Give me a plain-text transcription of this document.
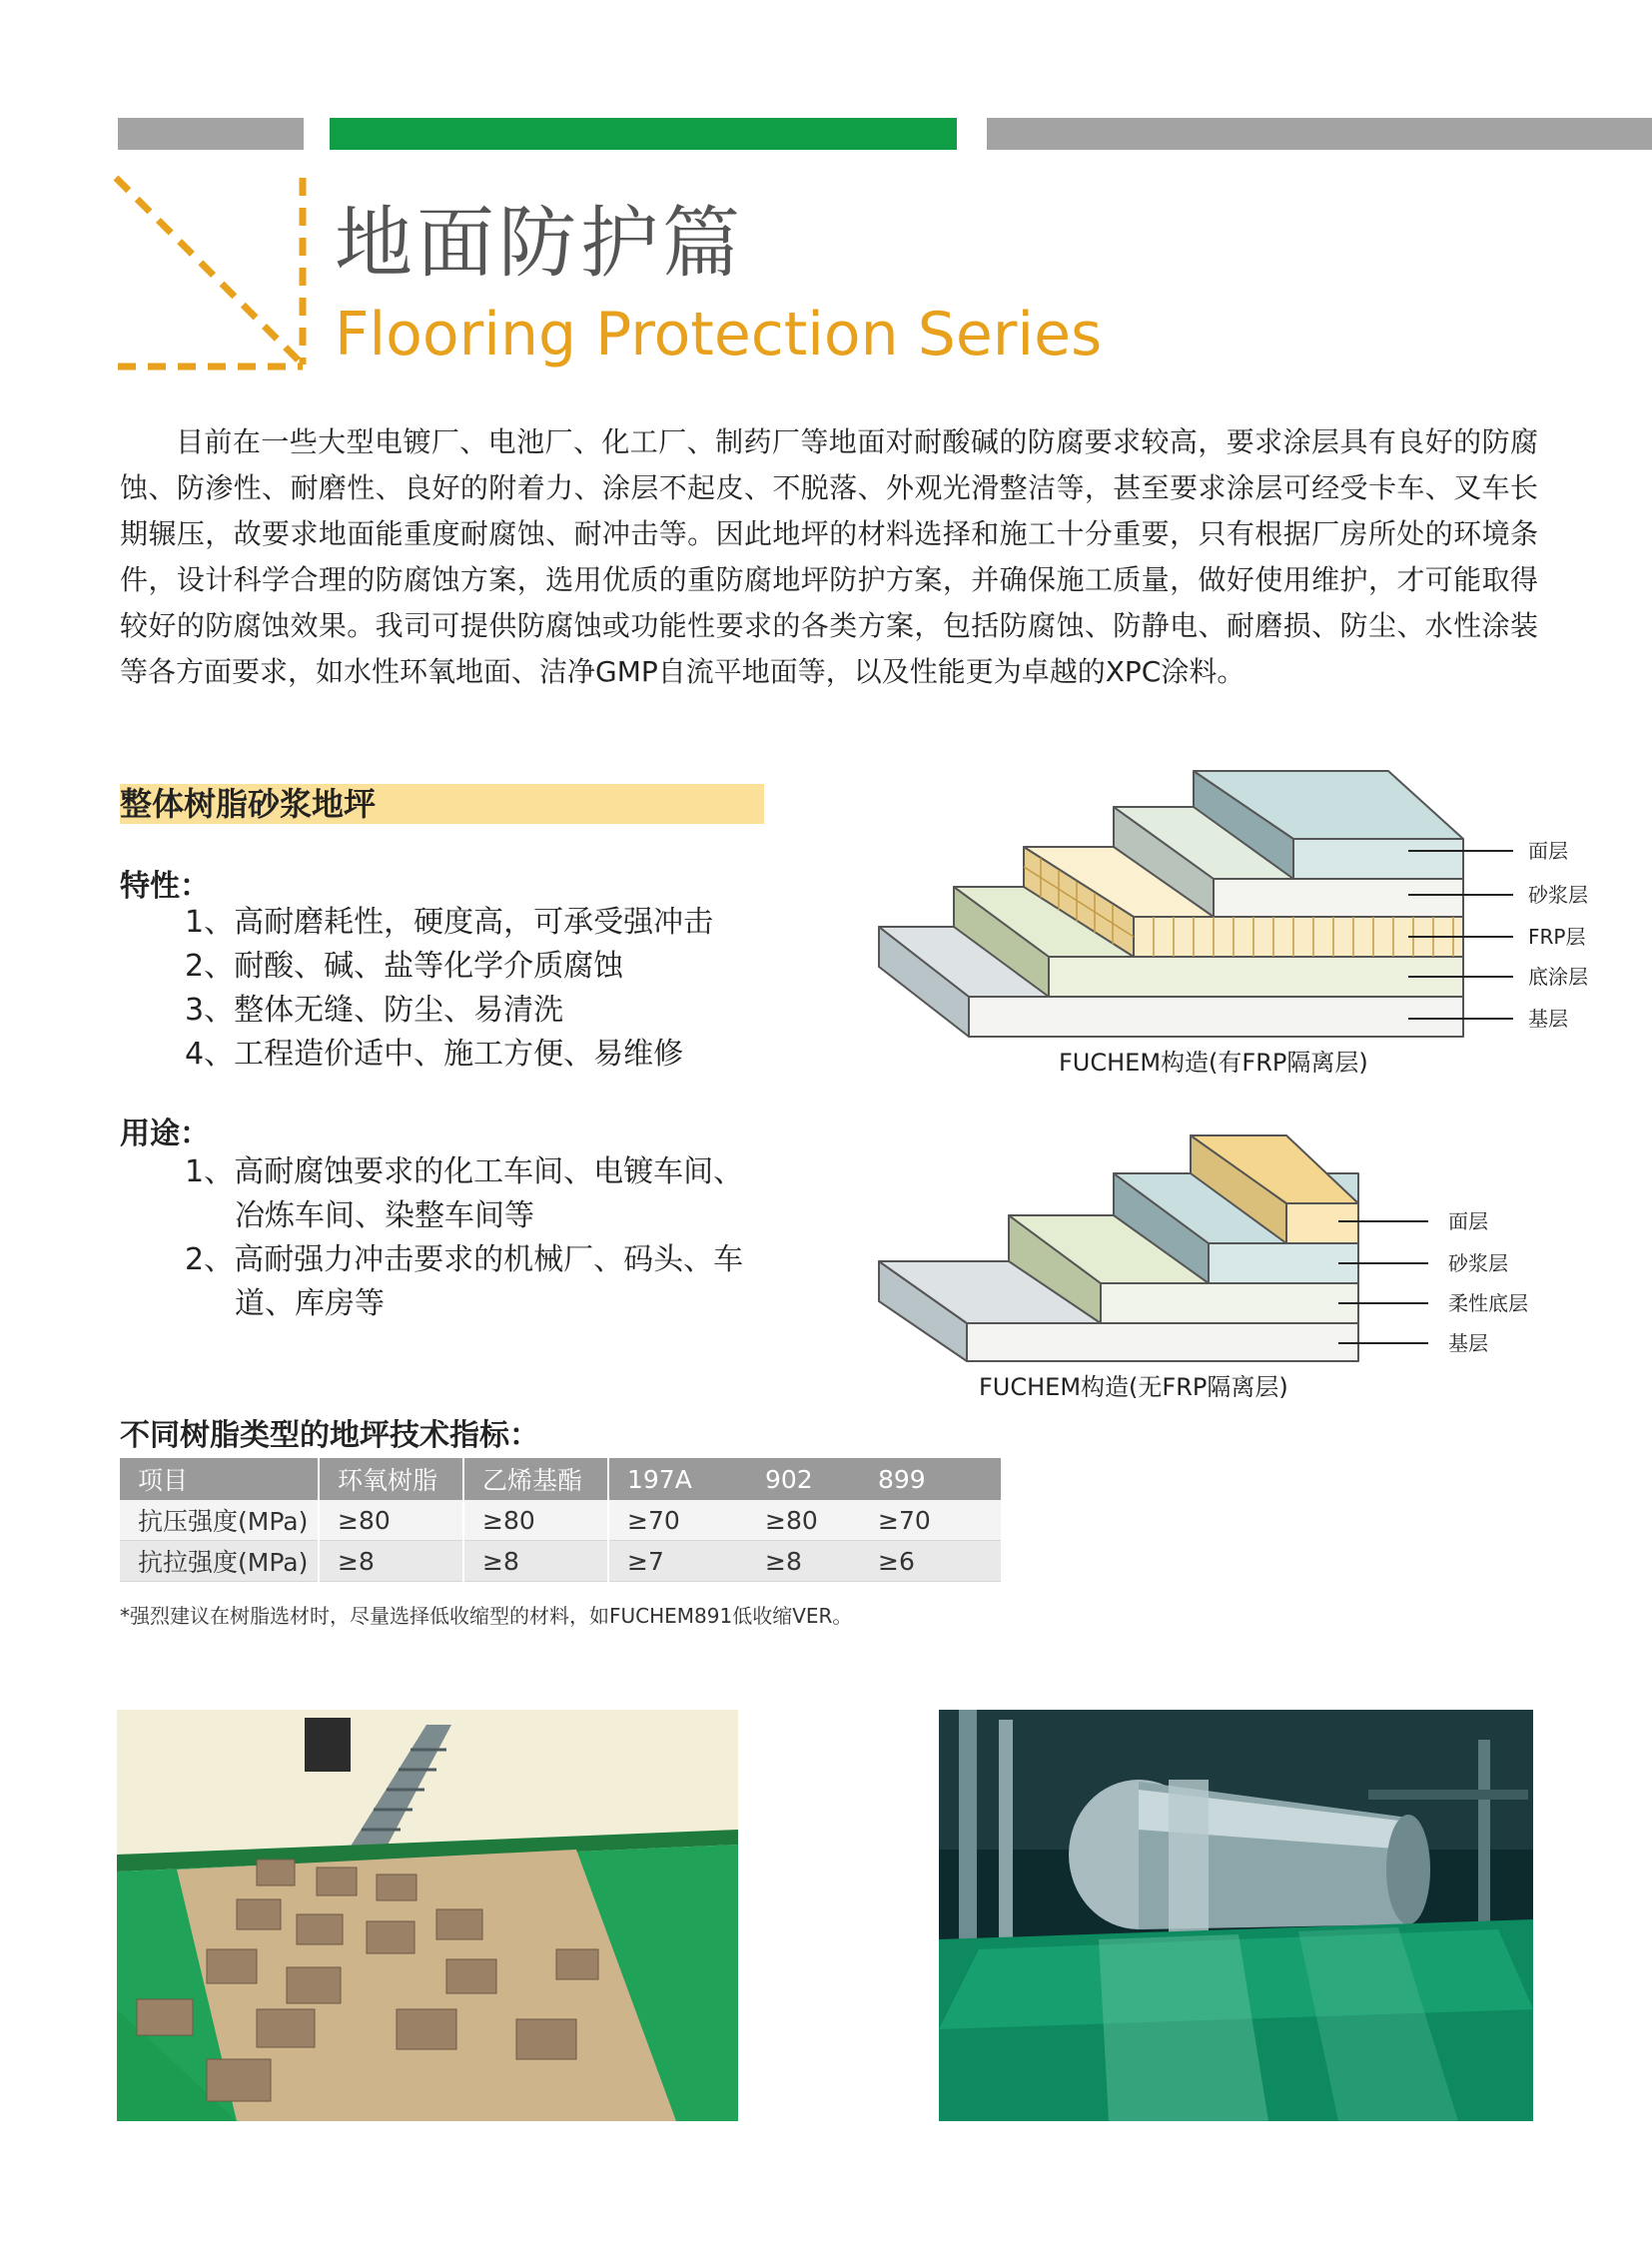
地面防护篇
Flooring Protection Series

目前在一些大型电镀厂、电池厂、化工厂、制药厂等地面对耐酸碱的防腐要求较高，要求涂层具有良好的防腐蚀、防渗性、耐磨性、良好的附着力、涂层不起皮、不脱落、外观光滑整洁等，甚至要求涂层可经受卡车、叉车长期辗压，故要求地面能重度耐腐蚀、耐冲击等。因此地坪的材料选择和施工十分重要，只有根据厂房所处的环境条件，设计科学合理的防腐蚀方案，选用优质的重防腐地坪防护方案，并确保施工质量，做好使用维护，才可能取得较好的防腐蚀效果。我司可提供防腐蚀或功能性要求的各类方案，包括防腐蚀、防静电、耐磨损、防尘、水性涂装等各方面要求，如水性环氧地面、洁净GMP自流平地面等，以及性能更为卓越的XPC涂料。

整体树脂砂浆地坪
特性：
1、高耐磨耗性，硬度高，可承受强冲击
2、耐酸、碱、盐等化学介质腐蚀
3、整体无缝、防尘、易清洗
4、工程造价适中、施工方便、易维修
用途：
1、高耐腐蚀要求的化工车间、电镀车间、
冶炼车间、染整车间等
2、高耐强力冲击要求的机械厂、码头、车
道、库房等
面层
砂浆层
FRP层
底涂层
基层
FUCHEM构造(有FRP隔离层)
面层
砂浆层
柔性底层
基层
FUCHEM构造(无FRP隔离层)
不同树脂类型的地坪技术指标：
项目	环氧树脂	乙烯基酯	197A	902	899
抗压强度(MPa)	≥80	≥80	≥70	≥80	≥70
抗拉强度(MPa)	≥8	≥8	≥7	≥8	≥6
*强烈建议在树脂选材时，尽量选择低收缩型的材料，如FUCHEM891低收缩VER。
